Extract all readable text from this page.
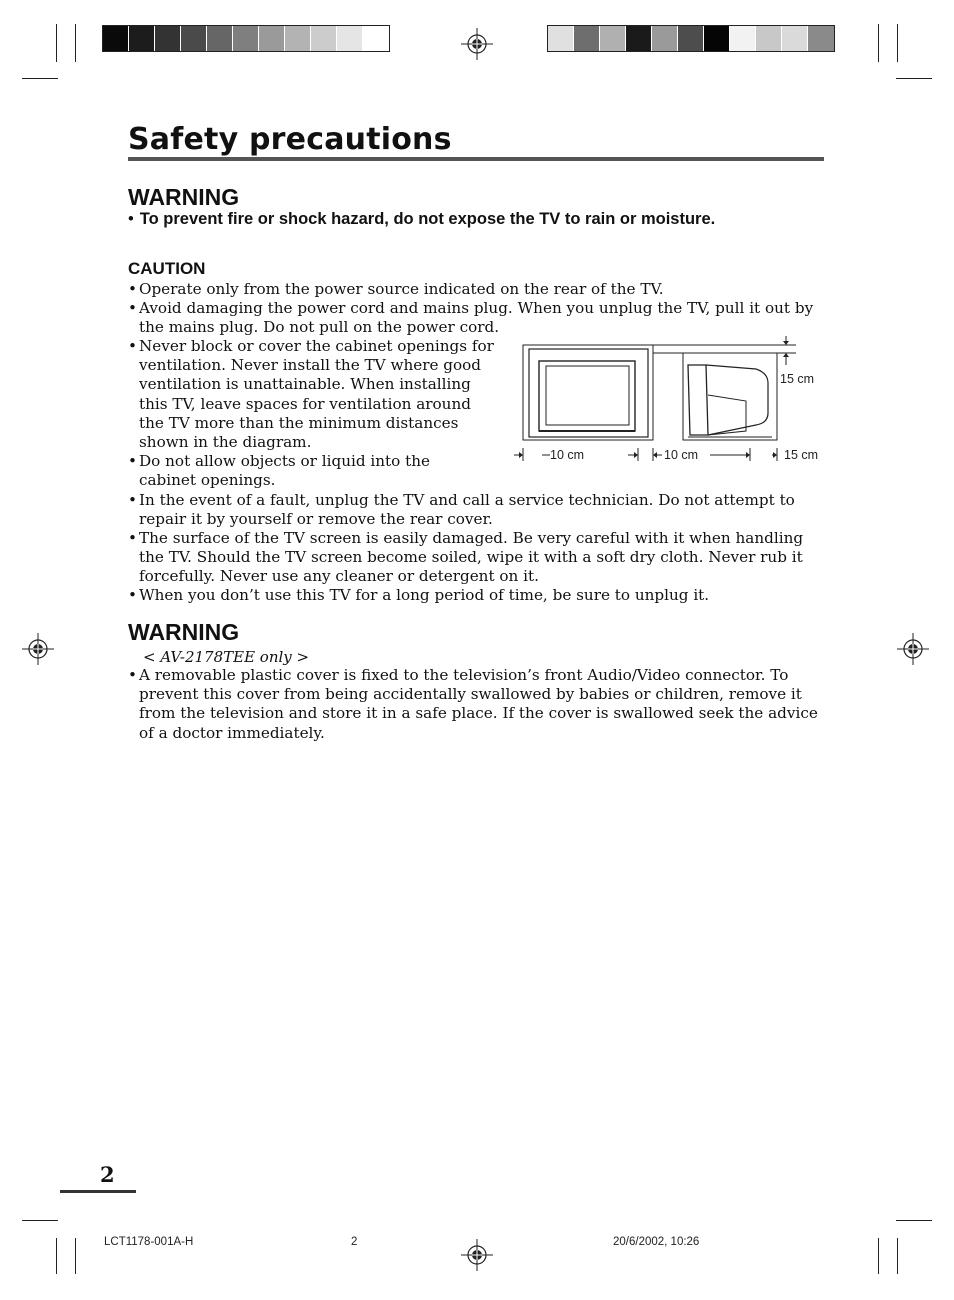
Safety precautions
WARNING
• To prevent fire or shock hazard, do not expose the TV to rain or moisture.
CAUTION
• Operate only from the power source indicated on the rear of the TV.
• Avoid damaging the power cord and mains plug. When you unplug the TV, pull it out by the mains plug. Do not pull on the power cord.
• Never block or cover the cabinet openings for ventilation. Never install the TV where good ventilation is unattainable. When installing this TV, leave spaces for ventilation around the TV more than the minimum distances shown in the diagram.
• Do not allow objects or liquid into the cabinet openings.
• In the event of a fault, unplug the TV and call a service technician. Do not attempt to repair it by yourself or remove the rear cover.
• The surface of the TV screen is easily damaged. Be very careful with it when handling the TV. Should the TV screen become soiled, wipe it with a soft dry cloth. Never rub it forcefully. Never use any cleaner or detergent on it.
• When you don’t use this TV for a long period of time, be sure to unplug it.
10 cm	10 cm
15 cm
15 cm
WARNING
< AV-2178TEE only >
• A removable plastic cover is fixed to the television’s front Audio/Video connector. To prevent this cover from being accidentally swallowed by babies or children, remove it from the television and store it in a safe place. If the cover is swallowed seek the advice of a doctor immediately.
2
LCT1178-001A-H	2	20/6/2002, 10:26
